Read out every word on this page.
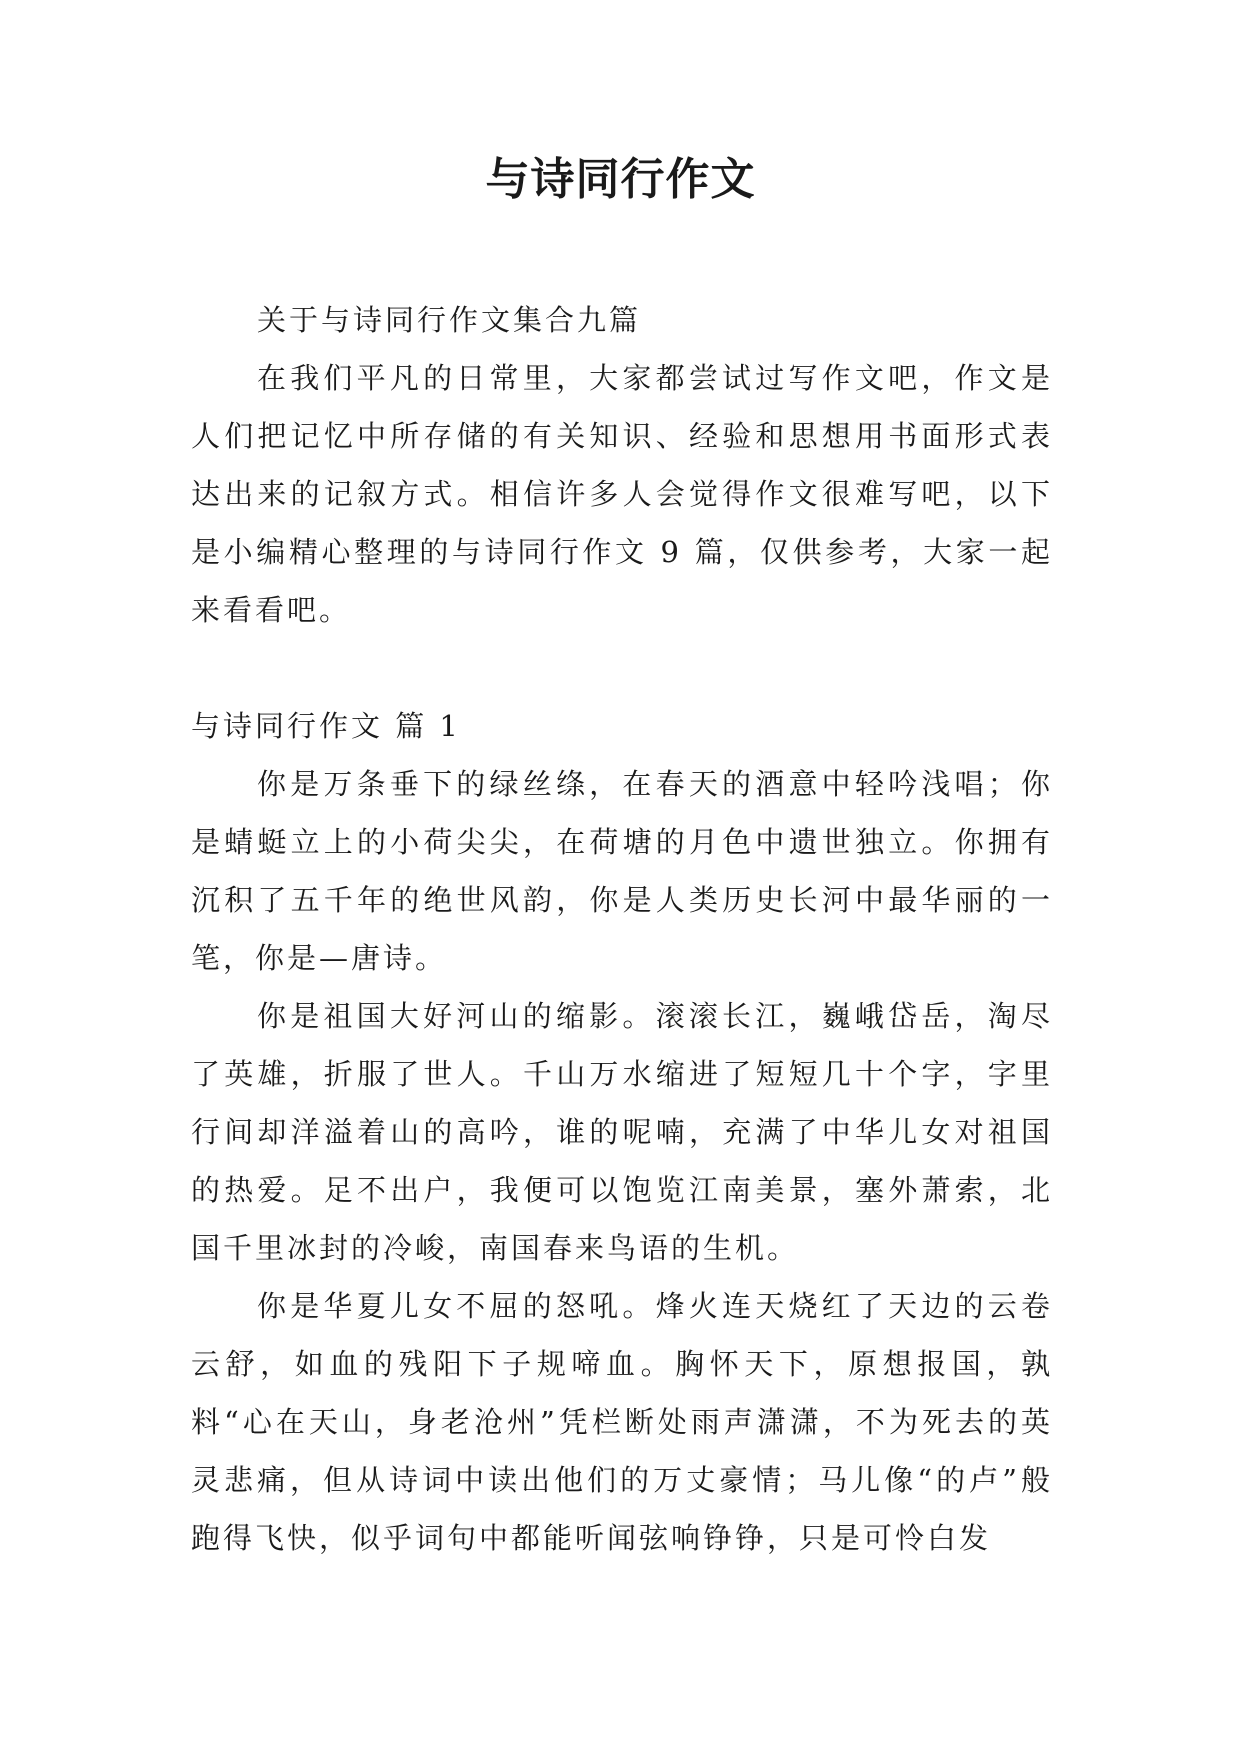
与诗同行作文

关于与诗同行作文集合九篇

在我们平凡的日常里，大家都尝试过写作文吧，作文是人们把记忆中所存储的有关知识、经验和思想用书面形式表达出来的记叙方式。相信许多人会觉得作文很难写吧，以下是小编精心整理的与诗同行作文 9 篇，仅供参考，大家一起来看看吧。

与诗同行作文 篇 1

你是万条垂下的绿丝绦，在春天的酒意中轻吟浅唱；你是蜻蜓立上的小荷尖尖，在荷塘的月色中遗世独立。你拥有沉积了五千年的绝世风韵，你是人类历史长河中最华丽的一笔，你是—唐诗。

你是祖国大好河山的缩影。滚滚长江，巍峨岱岳，淘尽了英雄，折服了世人。千山万水缩进了短短几十个字，字里行间却洋溢着山的高吟，谁的呢喃，充满了中华儿女对祖国的热爱。足不出户，我便可以饱览江南美景，塞外萧索，北国千里冰封的冷峻，南国春来鸟语的生机。

你是华夏儿女不屈的怒吼。烽火连天烧红了天边的云卷云舒，如血的残阳下子规啼血。胸怀天下，原想报国，孰料“心在天山，身老沧州”凭栏断处雨声潇潇，不为死去的英灵悲痛，但从诗词中读出他们的万丈豪情；马儿像“的卢”般跑得飞快，似乎词句中都能听闻弦响铮铮，只是可怜白发
